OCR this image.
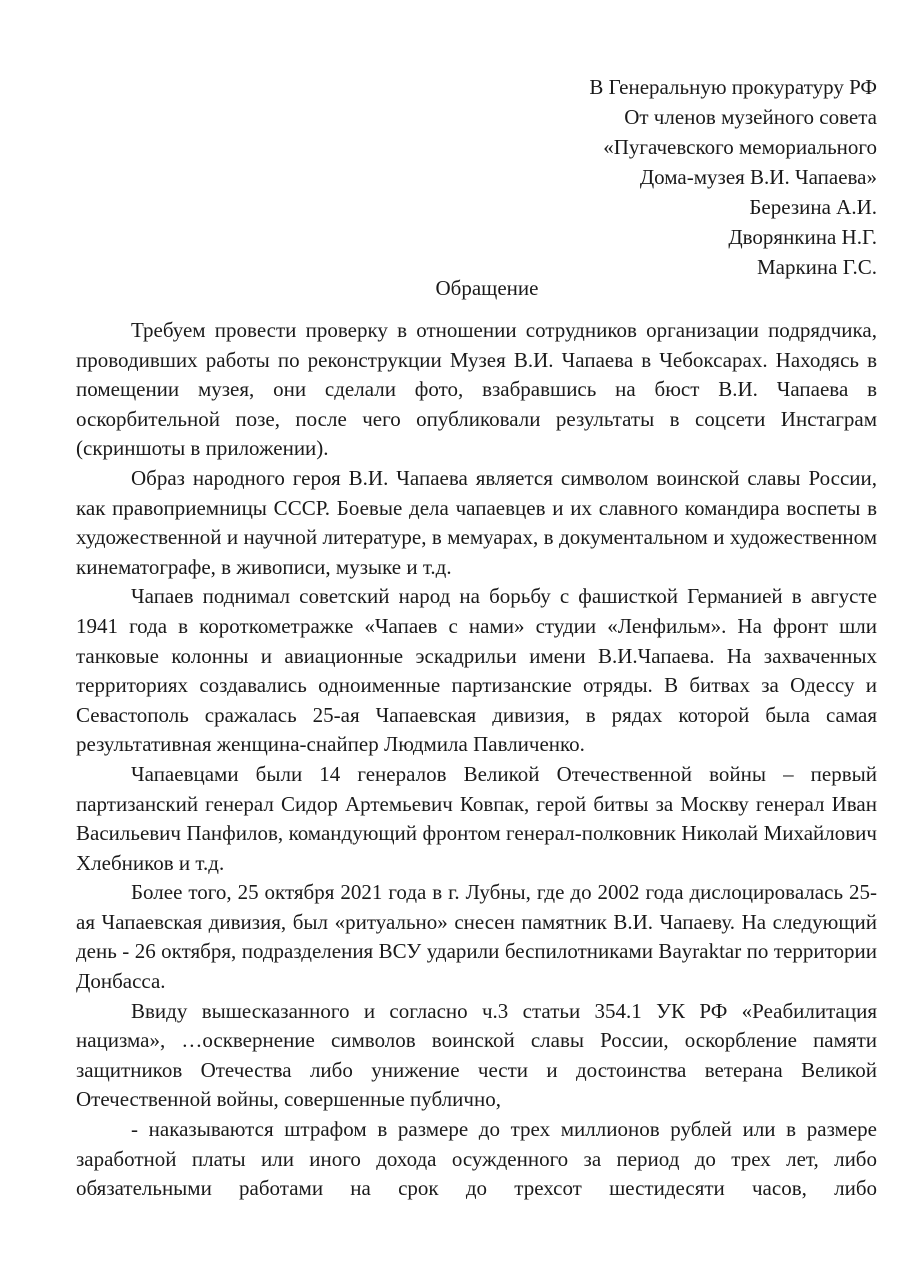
В Генеральную прокуратуру РФ
От членов музейного совета
«Пугачевского мемориального
Дома-музея В.И. Чапаева»
Березина А.И.
Дворянкина Н.Г.
Маркина Г.С.
Обращение

Требуем провести проверку в отношении сотрудников организации подрядчика, проводивших работы по реконструкции Музея В.И. Чапаева в Чебоксарах. Находясь в помещении музея, они сделали фото, взабравшись на бюст В.И. Чапаева в оскорбительной позе, после чего опубликовали результаты в соцсети Инстаграм (скриншоты в приложении).

Образ народного героя В.И. Чапаева является символом воинской славы России, как правоприемницы СССР. Боевые дела чапаевцев и их славного командира воспеты в художественной и научной литературе, в мемуарах, в документальном и художественном кинематографе, в живописи, музыке и т.д.

Чапаев поднимал советский народ на борьбу с фашисткой Германией в августе 1941 года в короткометражке «Чапаев с нами» студии «Ленфильм». На фронт шли танковые колонны и авиационные эскадрильи имени В.И.Чапаева. На захваченных территориях создавались одноименные партизанские отряды. В битвах за Одессу и Севастополь сражалась 25-ая Чапаевская дивизия, в рядах которой была самая результативная женщина-снайпер Людмила Павличенко.

Чапаевцами были 14 генералов Великой Отечественной войны – первый партизанский генерал Сидор Артемьевич Ковпак, герой битвы за Москву генерал Иван Васильевич Панфилов, командующий фронтом генерал-полковник Николай Михайлович Хлебников и т.д.

Более того, 25 октября 2021 года в г. Лубны, где до 2002 года дислоцировалась 25-ая Чапаевская дивизия, был «ритуально» снесен памятник В.И. Чапаеву. На следующий день - 26 октября, подразделения ВСУ ударили беспилотниками Bayraktar по территории Донбасса.

Ввиду вышесказанного и согласно ч.3 статьи 354.1 УК РФ «Реабилитация нацизма», …осквернение символов воинской славы России, оскорбление памяти защитников Отечества либо унижение чести и достоинства ветерана Великой Отечественной войны, совершенные публично,

- наказываются штрафом в размере до трех миллионов рублей или в размере заработной платы или иного дохода осужденного за период до трех лет, либо обязательными работами на срок до трехсот шестидесяти часов, либо
